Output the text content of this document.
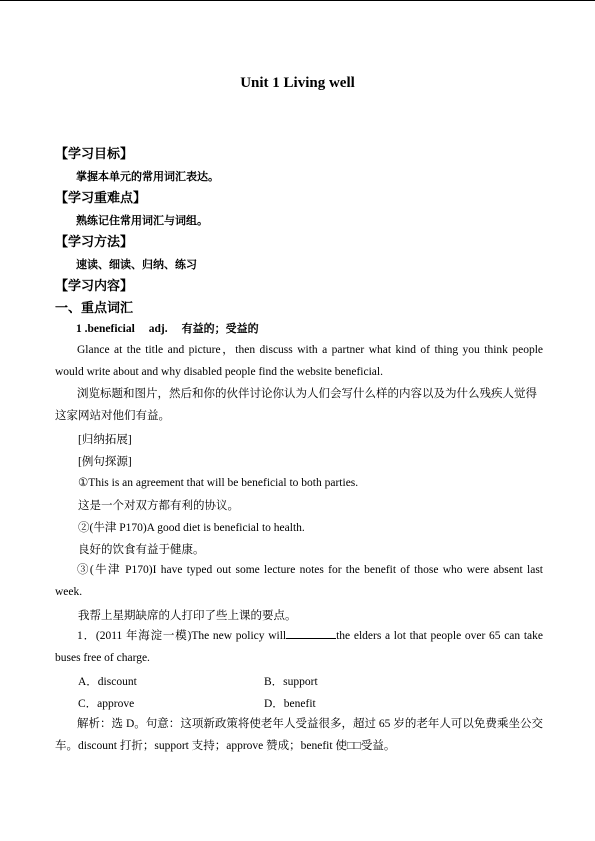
Unit 1 Living well
【学习目标】
掌握本单元的常用词汇表达。
【学习重难点】
熟练记住常用词汇与词组。
【学习方法】
速读、细读、归纳、练习
【学习内容】
一、重点词汇
1 .beneficial adj. 有益的；受益的
Glance at the title and picture，then discuss with a partner what kind of thing you think people would write about and why disabled people find the website beneficial.
浏览标题和图片，然后和你的伙伴讨论你认为人们会写什么样的内容以及为什么残疾人觉得这家网站对他们有益。
[归纳拓展]
[例句探源]
①This is an agreement that will be beneficial to both parties.
这是一个对双方都有利的协议。
②(牛津 P170)A good diet is beneficial to health.
良好的饮食有益于健康。
③(牛津 P170)I have typed out some lecture notes for the benefit of those who were absent last week.
我帮上星期缺席的人打印了些上课的要点。
1．(2011 年海淀一模)The new policy will	the elders a lot that people over 65 can take buses free of charge.
A．discount	B．support
C．approve	D．benefit
解析：选 D。句意：这项新政策将使老年人受益很多，超过 65 岁的老年人可以免费乘坐公交车。discount 打折；support 支持；approve 赞成；benefit 使□□受益。
